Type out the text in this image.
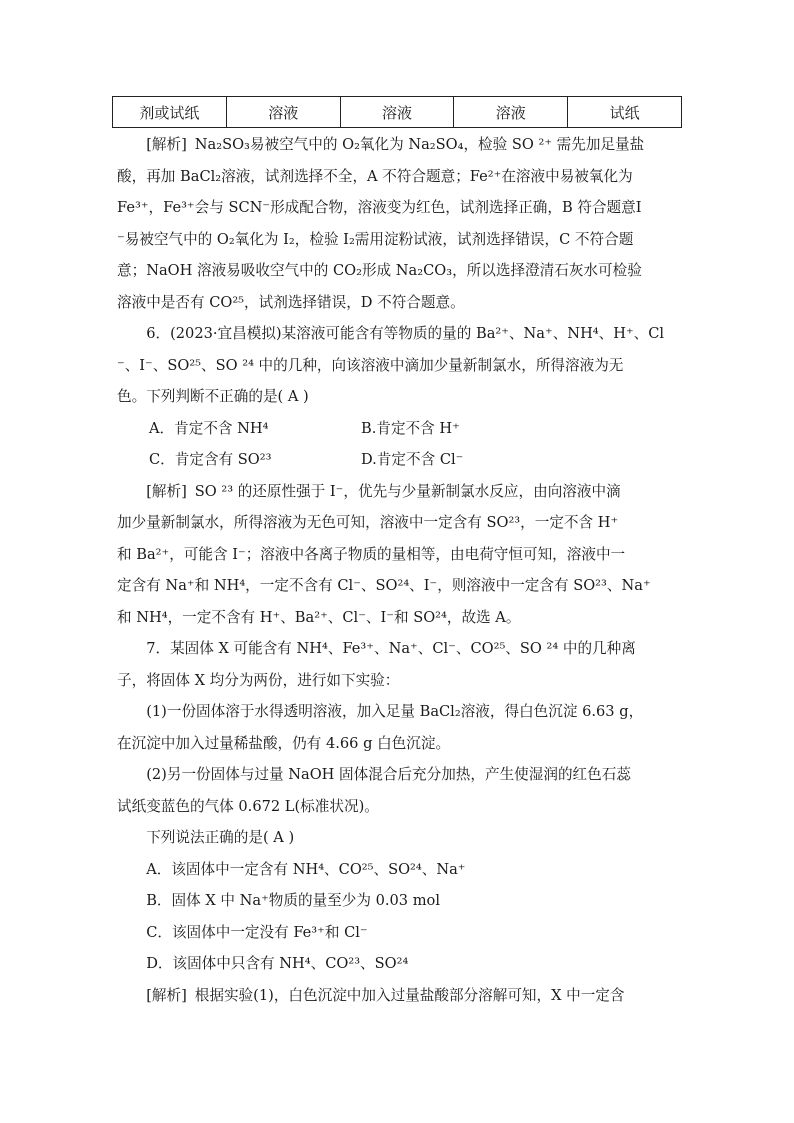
剂或试纸	溶液	溶液	溶液	试纸

[解析] Na₂SO₃易被空气中的 O₂氧化为 Na₂SO₄，检验 SO ²⁺ 需先加足量盐

酸，再加 BaCl₂溶液，试剂选择不全，A 不符合题意；Fe²⁺在溶液中易被氧化为

Fe³⁺，Fe³⁺会与 SCN⁻形成配合物，溶液变为红色，试剂选择正确，B 符合题意I

⁻易被空气中的 O₂氧化为 I₂，检验 I₂需用淀粉试液，试剂选择错误，C 不符合题

意；NaOH 溶液易吸收空气中的 CO₂形成 Na₂CO₃，所以选择澄清石灰水可检验

溶液中是否有 CO²⁵，试剂选择错误，D 不符合题意。

6．(2023·宜昌模拟)某溶液可能含有等物质的量的 Ba²⁺、Na⁺、NH⁴、H⁺、Cl

⁻、I⁻、SO²⁵、SO ²⁴ 中的几种，向该溶液中滴加少量新制氯水，所得溶液为无

色。下列判断不正确的是( A )

A．肯定不含 NH⁴	B.肯定不含 H⁺
C．肯定含有 SO²³	D.肯定不含 Cl⁻

[解析] SO ²³ 的还原性强于 I⁻，优先与少量新制氯水反应，由向溶液中滴

加少量新制氯水，所得溶液为无色可知，溶液中一定含有 SO²³，一定不含 H⁺

和 Ba²⁺，可能含 I⁻；溶液中各离子物质的量相等，由电荷守恒可知，溶液中一

定含有 Na⁺和 NH⁴，一定不含有 Cl⁻、SO²⁴、I⁻，则溶液中一定含有 SO²³、Na⁺

和 NH⁴，一定不含有 H⁺、Ba²⁺、Cl⁻、I⁻和 SO²⁴，故选 A。

7．某固体 X 可能含有 NH⁴、Fe³⁺、Na⁺、Cl⁻、CO²⁵、SO ²⁴ 中的几种离

子，将固体 X 均分为两份，进行如下实验：

(1)一份固体溶于水得透明溶液，加入足量 BaCl₂溶液，得白色沉淀 6.63 g，

在沉淀中加入过量稀盐酸，仍有 4.66 g 白色沉淀。

(2)另一份固体与过量 NaOH 固体混合后充分加热，产生使湿润的红色石蕊

试纸变蓝色的气体 0.672 L(标准状况)。

下列说法正确的是( A )

A．该固体中一定含有 NH⁴、CO²⁵、SO²⁴、Na⁺

B．固体 X 中 Na⁺物质的量至少为 0.03 mol

C．该固体中一定没有 Fe³⁺和 Cl⁻

D．该固体中只含有 NH⁴、CO²³、SO²⁴

[解析] 根据实验(1)，白色沉淀中加入过量盐酸部分溶解可知，X 中一定含
